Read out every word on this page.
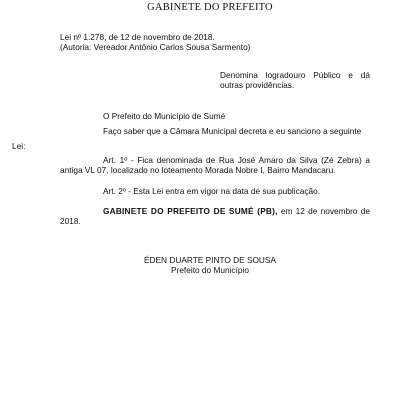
GABINETE DO PREFEITO
Lei nº 1.278, de 12 de novembro de 2018.
(Autoria: Vereador Antônio Carlos Sousa Sarmento)
Denomina logradouro Público e dá outras providências.
O Prefeito do Município de Sumé
Faço saber que a Câmara Municipal decreta e eu sanciono a seguinte
Lei:
Art. 1º - Fica denominada de Rua José Amaro da Silva (Zé Zebra) a antiga VL 07, localizado no loteamento Morada Nobre I, Bairro Mandacaru.
Art. 2º - Esta Lei entra em vigor na data de sua publicação.
GABINETE DO PREFEITO DE SUMÉ (PB), em 12 de novembro de 2018.
ÉDEN DUARTE PINTO DE SOUSA
Prefeito do Município
